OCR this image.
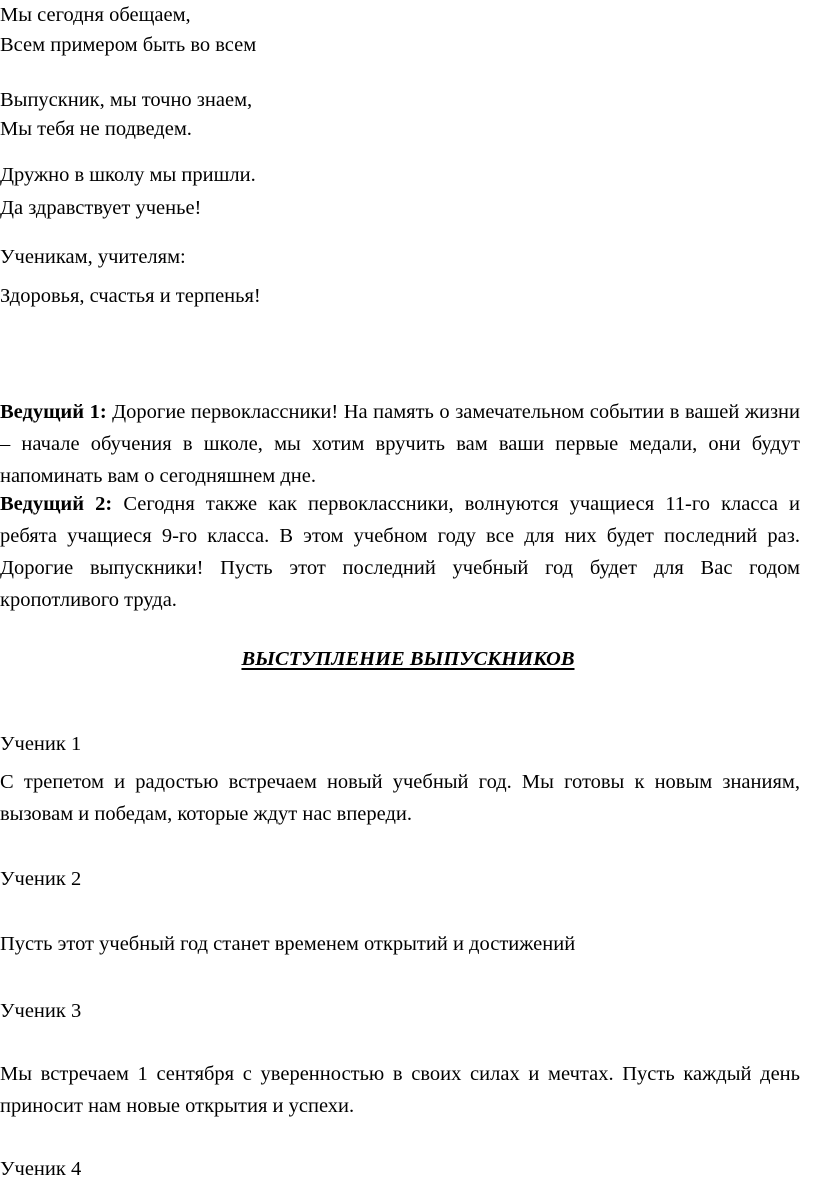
Мы сегодня обещаем,
Всем примером быть во всем
Выпускник, мы точно знаем,
Мы тебя не подведем.
Дружно в школу мы пришли.
Да здравствует ученье!
Ученикам, учителям:
Здоровья, счастья и терпенья!

Ведущий 1: Дорогие первоклассники! На память о замечательном событии в вашей жизни – начале обучения в школе, мы хотим вручить вам ваши первые медали, они будут напоминать вам о сегодняшнем дне.

Ведущий 2: Сегодня также как первоклассники, волнуются учащиеся 11-го класса и ребята учащиеся 9-го класса. В этом учебном году все для них будет последний раз. Дорогие выпускники! Пусть этот последний учебный год будет для Вас годом кропотливого труда.

ВЫСТУПЛЕНИЕ ВЫПУСКНИКОВ
Ученик 1

С трепетом и радостью встречаем новый учебный год. Мы готовы к новым знаниям, вызовам и победам, которые ждут нас впереди.

Ученик 2
Пусть этот учебный год станет временем открытий и достижений
Ученик 3

Мы встречаем 1 сентября с уверенностью в своих силах и мечтах. Пусть каждый день приносит нам новые открытия и успехи.

Ученик 4
